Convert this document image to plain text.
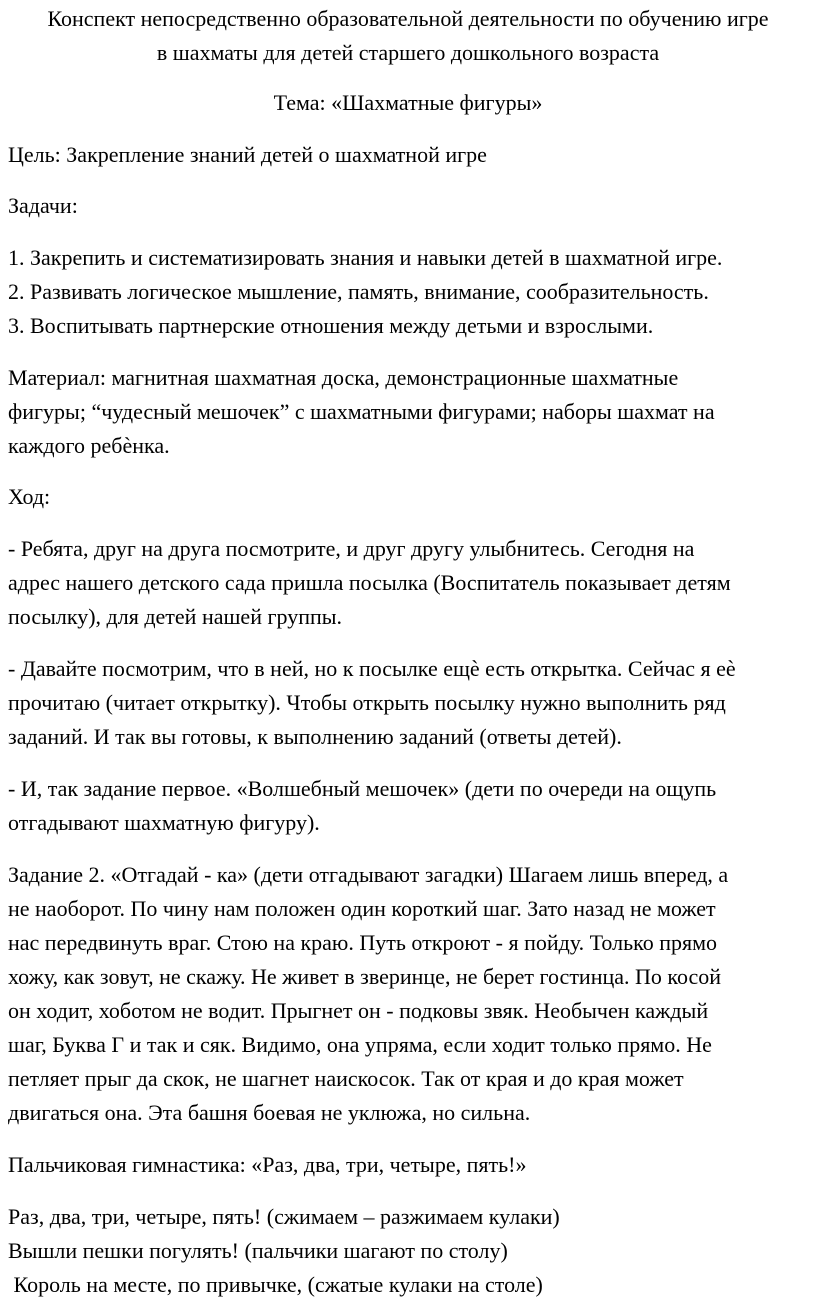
Конспект непосредственно образовательной деятельности по обучению игре
в шахматы для детей старшего дошкольного возраста

Тема: «Шахматные фигуры»

Цель: Закрепление знаний детей о шахматной игре

Задачи:

1. Закрепить и систематизировать знания и навыки детей в шахматной игре.
2. Развивать логическое мышление, память, внимание, сообразительность.
3. Воспитывать партнерские отношения между детьми и взрослыми.
Материал: магнитная шахматная доска, демонстрационные шахматные
фигуры; “чудесный мешочек” с шахматными фигурами; наборы шахмат на
каждого ребѐнка.

Ход:

- Ребята, друг на друга посмотрите, и друг другу улыбнитесь. Сегодня на
адрес нашего детского сада пришла посылка (Воспитатель показывает детям
посылку), для детей нашей группы.
- Давайте посмотрим, что в ней, но к посылке ещѐ есть открытка. Сейчас я еѐ
прочитаю (читает открытку). Чтобы открыть посылку нужно выполнить ряд
заданий. И так вы готовы, к выполнению заданий (ответы детей).
- И, так задание первое. «Волшебный мешочек» (дети по очереди на ощупь
отгадывают шахматную фигуру).
Задание 2. «Отгадай - ка» (дети отгадывают загадки) Шагаем лишь вперед, а
не наоборот. По чину нам положен один короткий шаг. Зато назад не может
нас передвинуть враг. Стою на краю. Путь откроют - я пойду. Только прямо
хожу, как зовут, не скажу. Не живет в зверинце, не берет гостинца. По косой
он ходит, хоботом не водит. Прыгнет он - подковы звяк. Необычен каждый
шаг, Буква Г и так и сяк. Видимо, она упряма, если ходит только прямо. Не
петляет прыг да скок, не шагнет наискосок. Так от края и до края может
двигаться она. Эта башня боевая не уклюжа, но сильна.

Пальчиковая гимнастика: «Раз, два, три, четыре, пять!»

Раз, два, три, четыре, пять! (сжимаем – разжимаем кулаки)
Вышли пешки погулять! (пальчики шагают по столу)
Король на месте, по привычке, (сжатые кулаки на столе)
